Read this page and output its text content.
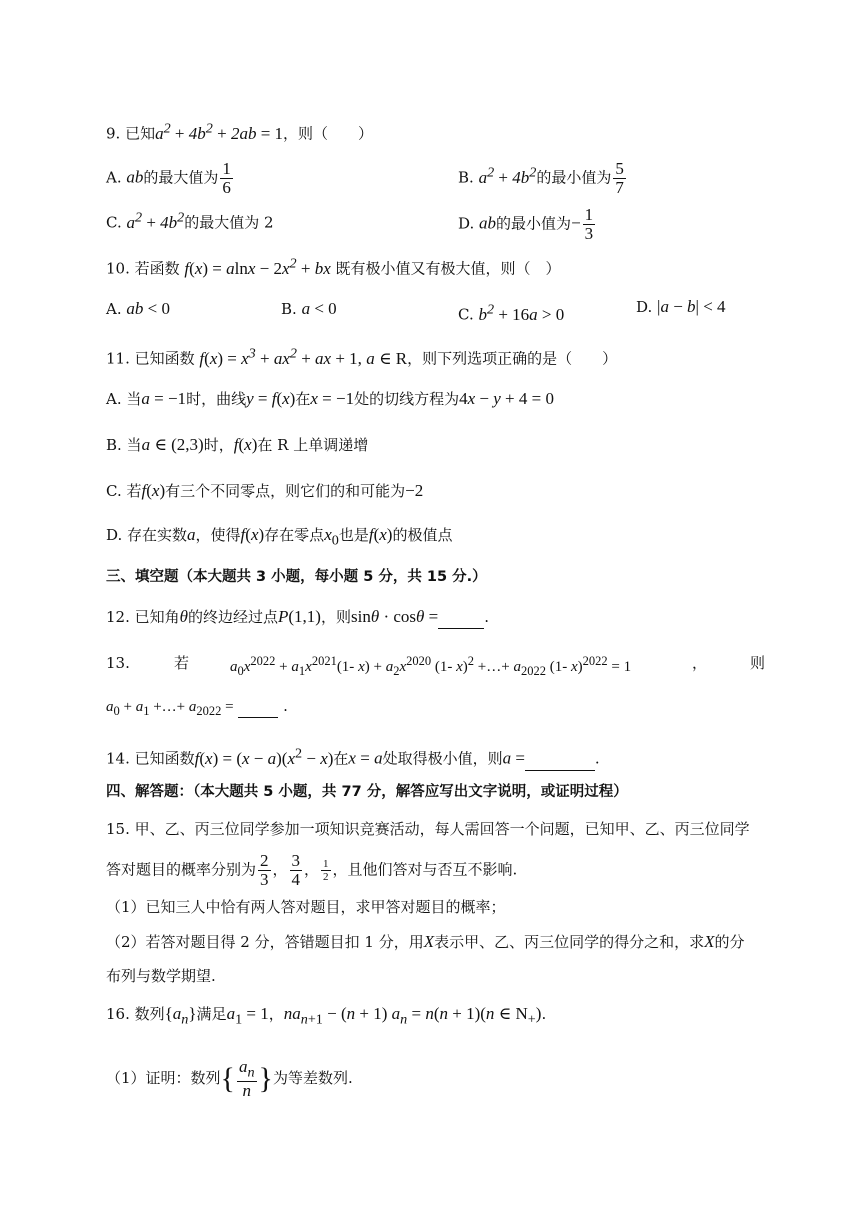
9. 已知$a^2 + 4b^2 + 2ab = 1$，则（　　）
A. ab的最大值为 $\frac{1}{6}$	B. $a^2 + 4b^2$的最小值为 $\frac{5}{7}$
C. $a^2 + 4b^2$的最大值为 2	D. ab的最小值为− $\frac{1}{3}$
10. 若函数 $f(x) = alnx - 2x^2$ + bx 既有极小值又有极大值，则（　）
A. ab < 0	B. a < 0	C. $b^2 + 16a > 0$	D. |a − b| < 4
11. 已知函数 $f(x) = x^3 + ax^2$ + ax + 1, a ∈ R，则下列选项正确的是（　　）
A. 当a = −1时，曲线y = f(x)在x = −1处的切线方程为4x − y + 4 = 0
B. 当a ∈ (2,3)时，f(x)在 R 上单调递增
C. 若f(x)有三个不同零点，则它们的和可能为−2
D. 存在实数a，使得f(x)存在零点$x_0$也是f(x)的极值点
三、填空题（本大题共 3 小题，每小题 5 分，共 15 分.）
12. 已知角θ的终边经过点P(1,1)，则sinθ · cosθ =	.
13.	若	$a_0x^{2022} + a_1x^{2021}(1-$ $x) + a_2x^{2020}$ (1- x)$^2$ +…+ $a_{2022}$ (1- x)$^{2022}$ = 1	，	则
$a_0 + a_1$ +…+ $a_{2022}$ =	.
14. 已知函数$f(x) = (x - a)(x^2 - x)$在x = a处取得极小值，则a =	.
四、解答题：（本大题共 5 小题，共 77 分，解答应写出文字说明，或证明过程）
15. 甲、乙、丙三位同学参加一项知识竞赛活动，每人需回答一个问题，已知甲、乙、丙三位同学
答对题目的概率分别为 $\frac{2}{3}$ ， $\frac{3}{4}$ ， $\frac{1}{2}$ ，且他们答对与否互不影响.
（1）已知三人中恰有两人答对题目，求甲答对题目的概率；
（2）若答对题目得 2 分，答错题目扣 1 分，用X表示甲、乙、丙三位同学的得分之和，求X的分
布列与数学期望.
16. 数列$\{a_n\}$满足$a_1 = 1$，$na_{n+1} - (n + 1) a_n = n(n + 1)(n$ ∈ $N_+$).
（1）证明：数列{ $\frac{a_n}{n}$ }为等差数列.
